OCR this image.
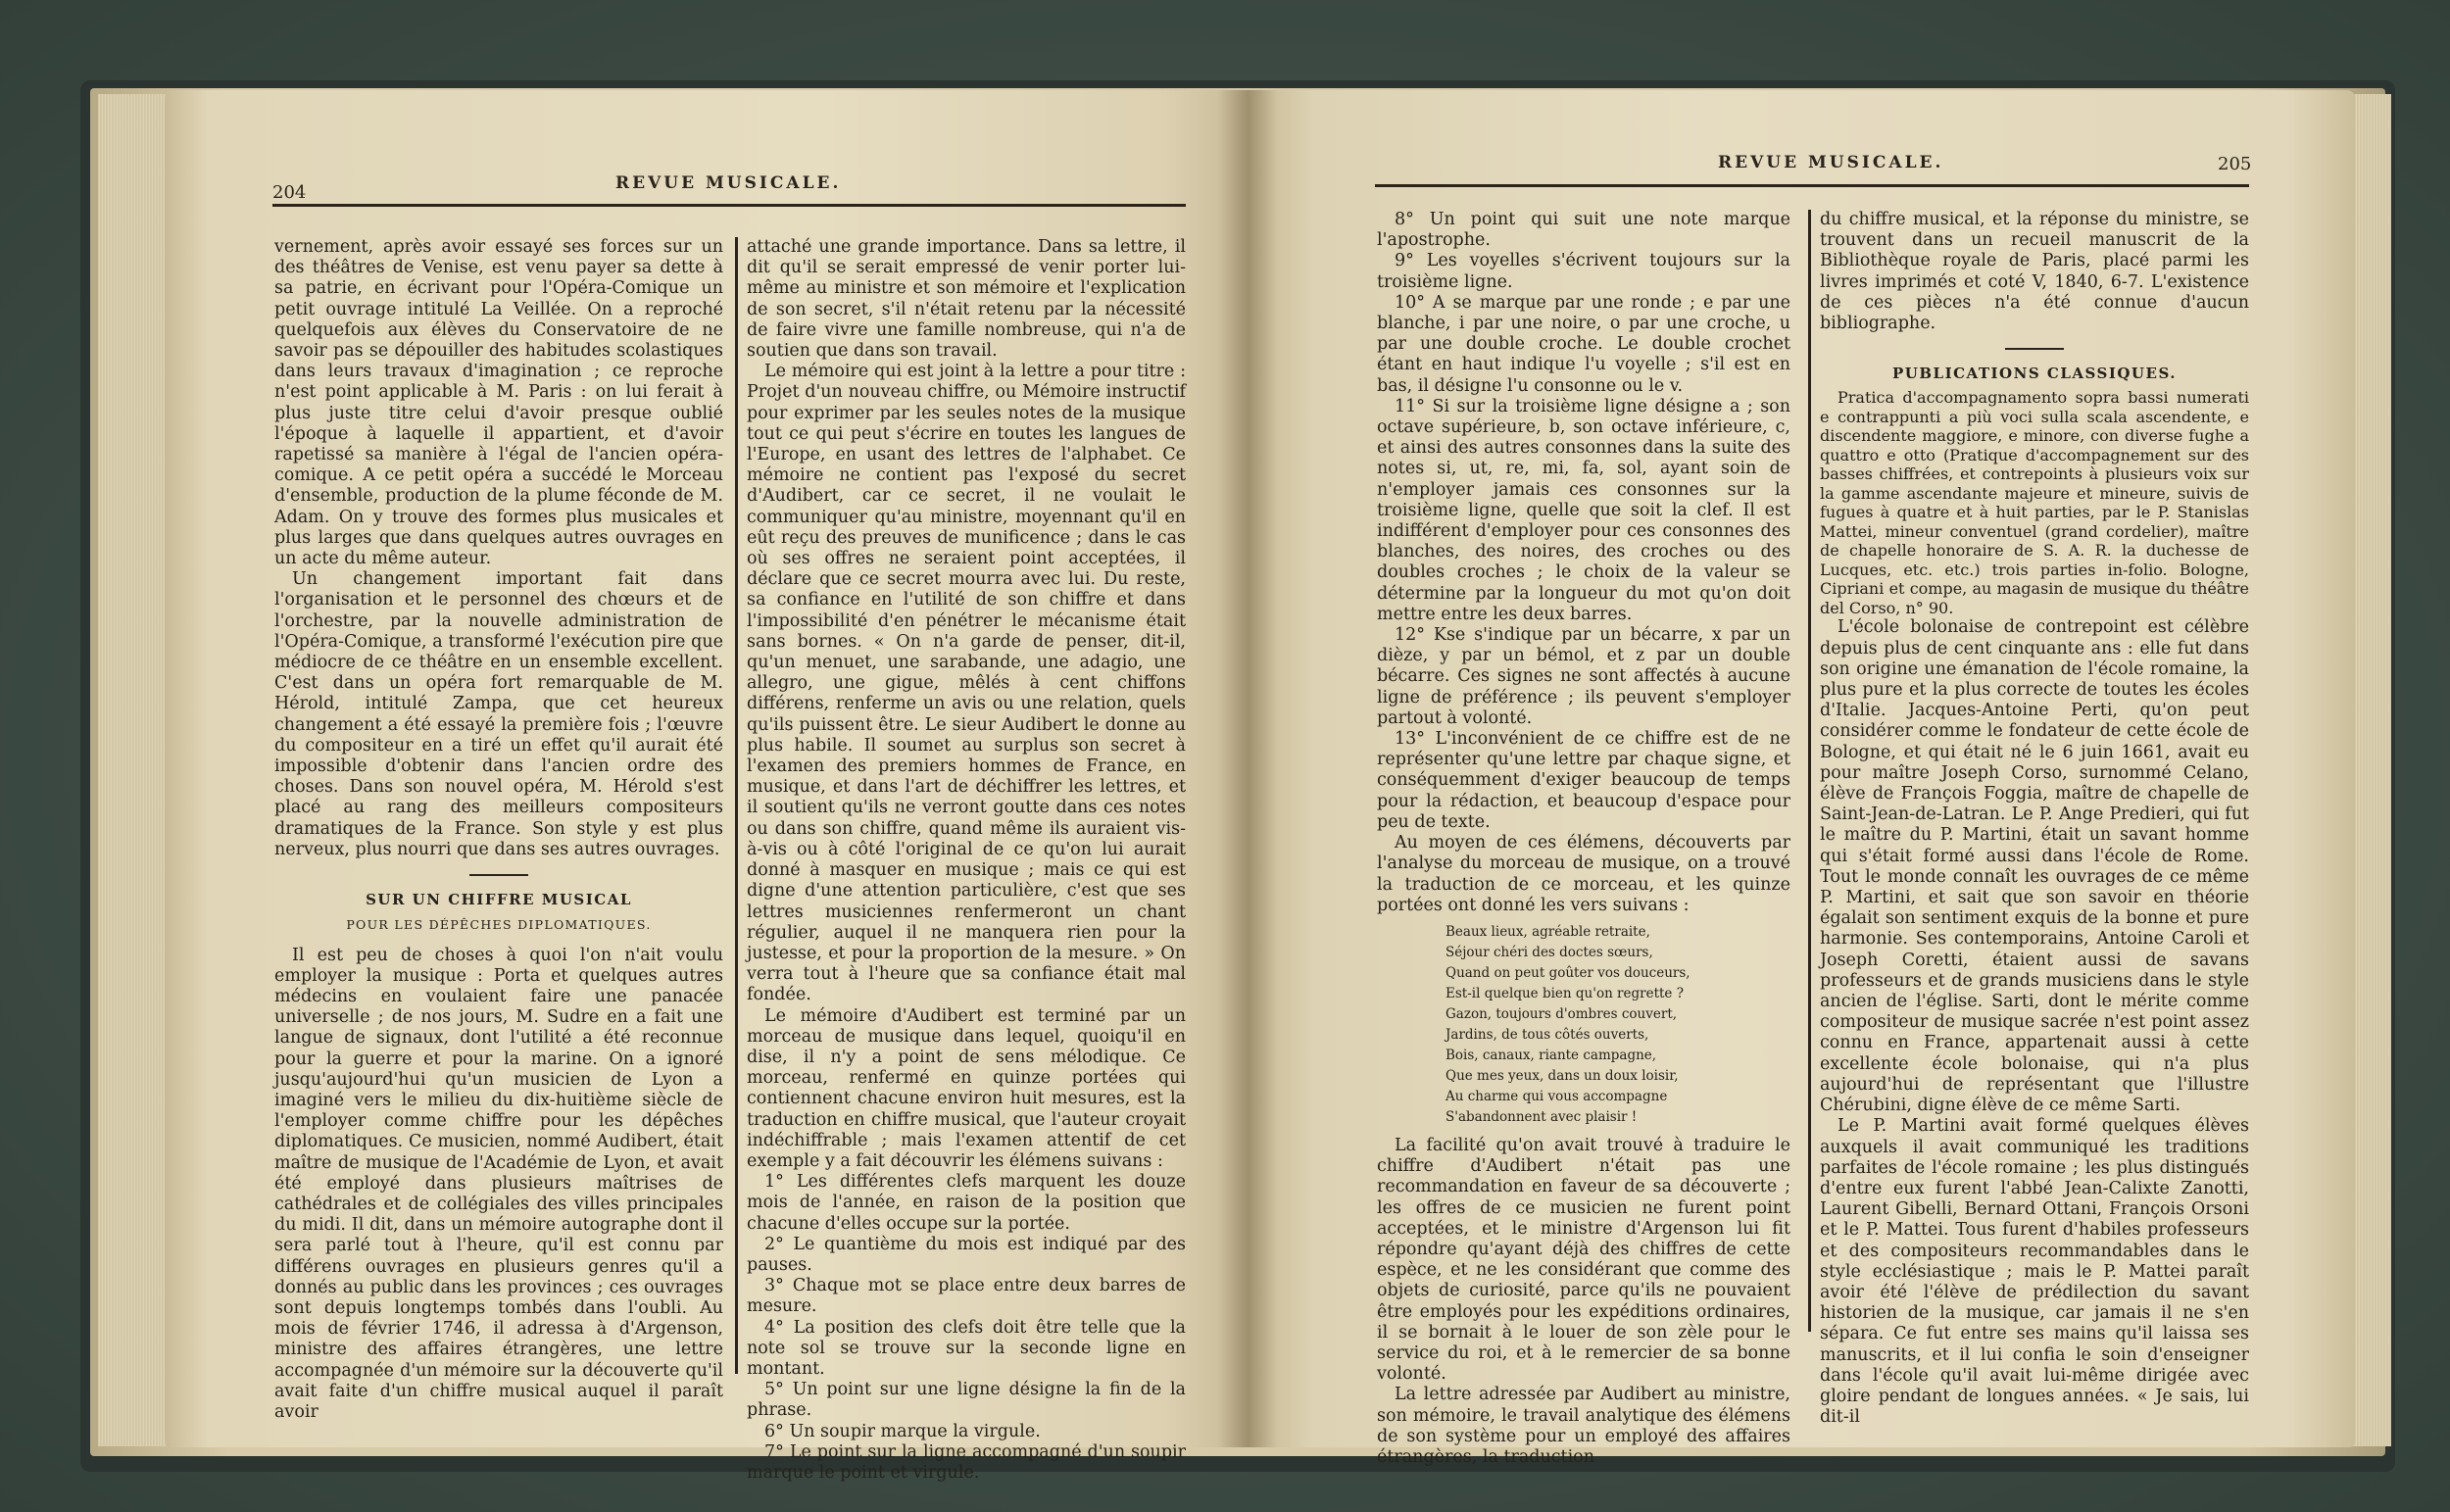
204	REVUE MUSICALE.

vernement, après avoir essayé ses forces sur un des théâtres de Venise, est venu payer sa dette à sa patrie, en écrivant pour l'Opéra-Comique un petit ouvrage intitulé La Veillée. On a reproché quelquefois aux élèves du Conservatoire de ne savoir pas se dépouiller des habitudes scolastiques dans leurs travaux d'imagination ; ce reproche n'est point applicable à M. Paris : on lui ferait à plus juste titre celui d'avoir presque oublié l'époque à laquelle il appartient, et d'avoir rapetissé sa manière à l'égal de l'ancien opéra-comique. A ce petit opéra a succédé le Morceau d'ensemble, production de la plume féconde de M. Adam. On y trouve des formes plus musicales et plus larges que dans quelques autres ouvrages en un acte du même auteur.

Un changement important fait dans l'organisation et le personnel des chœurs et de l'orchestre, par la nouvelle administration de l'Opéra-Comique, a transformé l'exécution pire que médiocre de ce théâtre en un ensemble excellent. C'est dans un opéra fort remarquable de M. Hérold, intitulé Zampa, que cet heureux changement a été essayé la première fois ; l'œuvre du compositeur en a tiré un effet qu'il aurait été impossible d'obtenir dans l'ancien ordre des choses. Dans son nouvel opéra, M. Hérold s'est placé au rang des meilleurs compositeurs dramatiques de la France. Son style y est plus nerveux, plus nourri que dans ses autres ouvrages.

SUR UN CHIFFRE MUSICAL
POUR LES DÉPÊCHES DIPLOMATIQUES.

Il est peu de choses à quoi l'on n'ait voulu employer la musique : Porta et quelques autres médecins en voulaient faire une panacée universelle ; de nos jours, M. Sudre en a fait une langue de signaux, dont l'utilité a été reconnue pour la guerre et pour la marine. On a ignoré jusqu'aujourd'hui qu'un musicien de Lyon a imaginé vers le milieu du dix-huitième siècle de l'employer comme chiffre pour les dépêches diplomatiques. Ce musicien, nommé Audibert, était maître de musique de l'Académie de Lyon, et avait été employé dans plusieurs maîtrises de cathédrales et de collégiales des villes principales du midi. Il dit, dans un mémoire autographe dont il sera parlé tout à l'heure, qu'il est connu par différens ouvrages en plusieurs genres qu'il a donnés au public dans les provinces ; ces ouvrages sont depuis longtemps tombés dans l'oubli. Au mois de février 1746, il adressa à d'Argenson, ministre des affaires étrangères, une lettre accompagnée d'un mémoire sur la découverte qu'il avait faite d'un chiffre musical auquel il paraît avoir

attaché une grande importance. Dans sa lettre, il dit qu'il se serait empressé de venir porter lui-même au ministre et son mémoire et l'explication de son secret, s'il n'était retenu par la nécessité de faire vivre une famille nombreuse, qui n'a de soutien que dans son travail.

Le mémoire qui est joint à la lettre a pour titre : Projet d'un nouveau chiffre, ou Mémoire instructif pour exprimer par les seules notes de la musique tout ce qui peut s'écrire en toutes les langues de l'Europe, en usant des lettres de l'alphabet. Ce mémoire ne contient pas l'exposé du secret d'Audibert, car ce secret, il ne voulait le communiquer qu'au ministre, moyennant qu'il en eût reçu des preuves de munificence ; dans le cas où ses offres ne seraient point acceptées, il déclare que ce secret mourra avec lui. Du reste, sa confiance en l'utilité de son chiffre et dans l'impossibilité d'en pénétrer le mécanisme était sans bornes. « On n'a garde de penser, dit-il, qu'un menuet, une sarabande, une adagio, une allegro, une gigue, mêlés à cent chiffons différens, renferme un avis ou une relation, quels qu'ils puissent être. Le sieur Audibert le donne au plus habile. Il soumet au surplus son secret à l'examen des premiers hommes de France, en musique, et dans l'art de déchiffrer les lettres, et il soutient qu'ils ne verront goutte dans ces notes ou dans son chiffre, quand même ils auraient vis-à-vis ou à côté l'original de ce qu'on lui aurait donné à masquer en musique ; mais ce qui est digne d'une attention particulière, c'est que ses lettres musiciennes renfermeront un chant régulier, auquel il ne manquera rien pour la justesse, et pour la proportion de la mesure. » On verra tout à l'heure que sa confiance était mal fondée.

Le mémoire d'Audibert est terminé par un morceau de musique dans lequel, quoiqu'il en dise, il n'y a point de sens mélodique. Ce morceau, renfermé en quinze portées qui contiennent chacune environ huit mesures, est la traduction en chiffre musical, que l'auteur croyait indéchiffrable ; mais l'examen attentif de cet exemple y a fait découvrir les élémens suivans :

1° Les différentes clefs marquent les douze mois de l'année, en raison de la position que chacune d'elles occupe sur la portée.

2° Le quantième du mois est indiqué par des pauses.

3° Chaque mot se place entre deux barres de mesure.

4° La position des clefs doit être telle que la note sol se trouve sur la seconde ligne en montant.

5° Un point sur une ligne désigne la fin de la phrase.

6° Un soupir marque la virgule.

7° Le point sur la ligne accompagné d'un soupir marque le point et virgule.

REVUE MUSICALE.	205

8° Un point qui suit une note marque l'apostrophe.

9° Les voyelles s'écrivent toujours sur la troisième ligne.

10° A se marque par une ronde ; e par une blanche, i par une noire, o par une croche, u par une double croche. Le double crochet étant en haut indique l'u voyelle ; s'il est en bas, il désigne l'u consonne ou le v.

11° Si sur la troisième ligne désigne a ; son octave supérieure, b, son octave inférieure, c, et ainsi des autres consonnes dans la suite des notes si, ut, re, mi, fa, sol, ayant soin de n'employer jamais ces consonnes sur la troisième ligne, quelle que soit la clef. Il est indifférent d'employer pour ces consonnes des blanches, des noires, des croches ou des doubles croches ; le choix de la valeur se détermine par la longueur du mot qu'on doit mettre entre les deux barres.

12° Kse s'indique par un bécarre, x par un dièze, y par un bémol, et z par un double bécarre. Ces signes ne sont affectés à aucune ligne de préférence ; ils peuvent s'employer partout à volonté.

13° L'inconvénient de ce chiffre est de ne représenter qu'une lettre par chaque signe, et conséquemment d'exiger beaucoup de temps pour la rédaction, et beaucoup d'espace pour peu de texte.

Au moyen de ces élémens, découverts par l'analyse du morceau de musique, on a trouvé la traduction de ce morceau, et les quinze portées ont donné les vers suivans :

Beaux lieux, agréable retraite,
Séjour chéri des doctes sœurs,
Quand on peut goûter vos douceurs,
Est-il quelque bien qu'on regrette ?
Gazon, toujours d'ombres couvert,
Jardins, de tous côtés ouverts,
Bois, canaux, riante campagne,
Que mes yeux, dans un doux loisir,
Au charme qui vous accompagne
S'abandonnent avec plaisir !

La facilité qu'on avait trouvé à traduire le chiffre d'Audibert n'était pas une recommandation en faveur de sa découverte ; les offres de ce musicien ne furent point acceptées, et le ministre d'Argenson lui fit répondre qu'ayant déjà des chiffres de cette espèce, et ne les considérant que comme des objets de curiosité, parce qu'ils ne pouvaient être employés pour les expéditions ordinaires, il se bornait à le louer de son zèle pour le service du roi, et à le remercier de sa bonne volonté.

La lettre adressée par Audibert au ministre, son mémoire, le travail analytique des élémens de son système pour un employé des affaires étrangères, la traduction

du chiffre musical, et la réponse du ministre, se trouvent dans un recueil manuscrit de la Bibliothèque royale de Paris, placé parmi les livres imprimés et coté V, 1840, 6-7. L'existence de ces pièces n'a été connue d'aucun bibliographe.

PUBLICATIONS CLASSIQUES.

Pratica d'accompagnamento sopra bassi numerati e contrappunti a più voci sulla scala ascendente, e discendente maggiore, e minore, con diverse fughe a quattro e otto (Pratique d'accompagnement sur des basses chiffrées, et contrepoints à plusieurs voix sur la gamme ascendante majeure et mineure, suivis de fugues à quatre et à huit parties, par le P. Stanislas Mattei, mineur conventuel (grand cordelier), maître de chapelle honoraire de S. A. R. la duchesse de Lucques, etc. etc.) trois parties in-folio. Bologne, Cipriani et compe, au magasin de musique du théâtre del Corso, n° 90.

L'école bolonaise de contrepoint est célèbre depuis plus de cent cinquante ans : elle fut dans son origine une émanation de l'école romaine, la plus pure et la plus correcte de toutes les écoles d'Italie. Jacques-Antoine Perti, qu'on peut considérer comme le fondateur de cette école de Bologne, et qui était né le 6 juin 1661, avait eu pour maître Joseph Corso, surnommé Celano, élève de François Foggia, maître de chapelle de Saint-Jean-de-Latran. Le P. Ange Predieri, qui fut le maître du P. Martini, était un savant homme qui s'était formé aussi dans l'école de Rome. Tout le monde connaît les ouvrages de ce même P. Martini, et sait que son savoir en théorie égalait son sentiment exquis de la bonne et pure harmonie. Ses contemporains, Antoine Caroli et Joseph Coretti, étaient aussi de savans professeurs et de grands musiciens dans le style ancien de l'église. Sarti, dont le mérite comme compositeur de musique sacrée n'est point assez connu en France, appartenait aussi à cette excellente école bolonaise, qui n'a plus aujourd'hui de représentant que l'illustre Chérubini, digne élève de ce même Sarti.

Le P. Martini avait formé quelques élèves auxquels il avait communiqué les traditions parfaites de l'école romaine ; les plus distingués d'entre eux furent l'abbé Jean-Calixte Zanotti, Laurent Gibelli, Bernard Ottani, François Orsoni et le P. Mattei. Tous furent d'habiles professeurs et des compositeurs recommandables dans le style ecclésiastique ; mais le P. Mattei paraît avoir été l'élève de prédilection du savant historien de la musique, car jamais il ne s'en sépara. Ce fut entre ses mains qu'il laissa ses manuscrits, et il lui confia le soin d'enseigner dans l'école qu'il avait lui-même dirigée avec gloire pendant de longues années. « Je sais, lui dit-il
